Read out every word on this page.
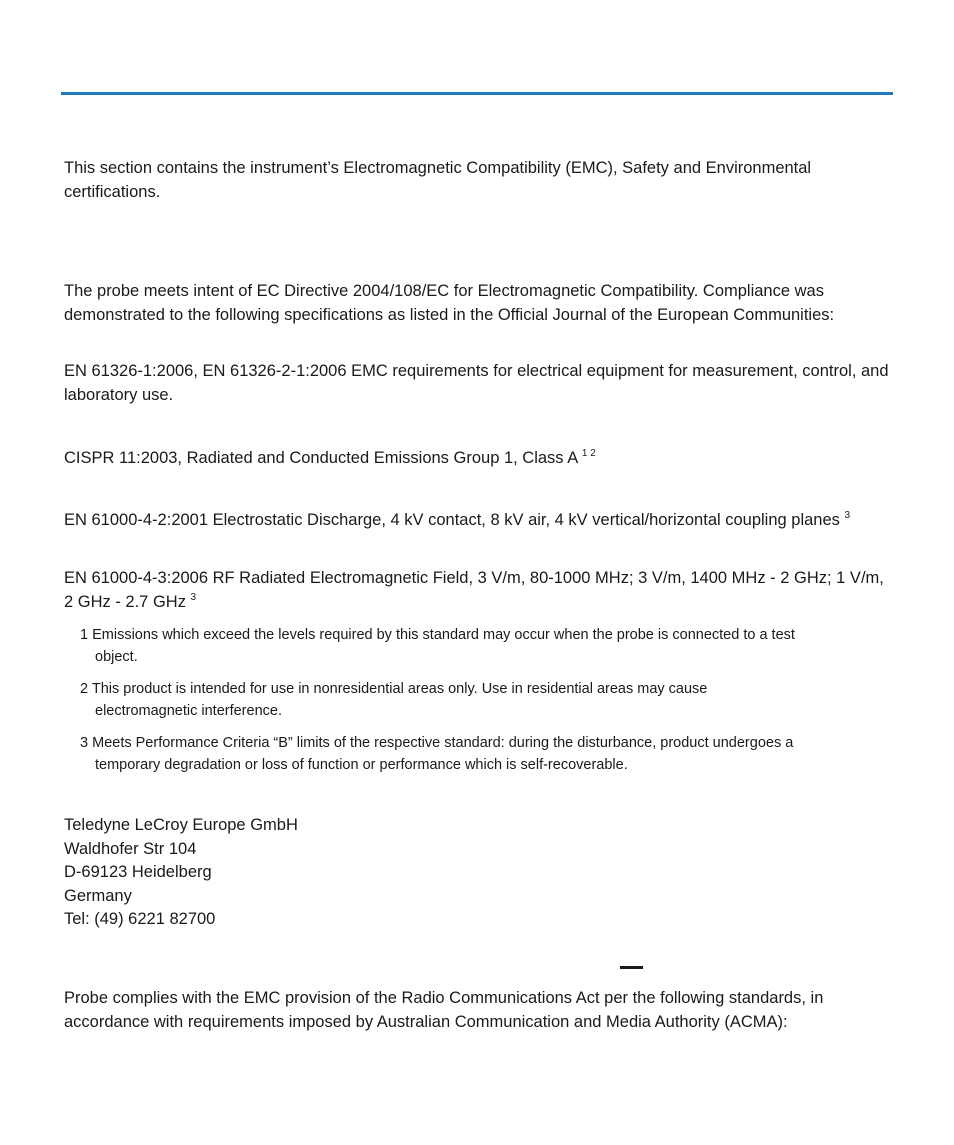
This section contains the instrument’s Electromagnetic Compatibility (EMC), Safety and Environmental certifications.

The probe meets intent of EC Directive 2004/108/EC for Electromagnetic Compatibility. Compliance was demonstrated to the following specifications as listed in the Official Journal of the European Communities:

EN 61326-1:2006, EN 61326-2-1:2006 EMC requirements for electrical equipment for measurement, control, and laboratory use.

CISPR 11:2003, Radiated and Conducted Emissions Group 1, Class A $^{1 2}$

EN 61000-4-2:2001 Electrostatic Discharge, 4 kV contact, 8 kV air, 4 kV vertical/horizontal coupling planes $^3$

EN 61000-4-3:2006 RF Radiated Electromagnetic Field, 3 V/m, 80-1000 MHz; 3 V/m, 1400 MHz - 2 GHz; 1 V/m, 2 GHz - 2.7 GHz $^3$

1 Emissions which exceed the levels required by this standard may occur when the probe is connected to a test
object.

2 This product is intended for use in nonresidential areas only. Use in residential areas may cause
electromagnetic interference.

3 Meets Performance Criteria “B” limits of the respective standard: during the disturbance, product undergoes a
temporary degradation or loss of function or performance which is self-recoverable.

Teledyne LeCroy Europe GmbH
Waldhofer Str 104
D-69123 Heidelberg
Germany
Tel: (49) 6221 82700

Probe complies with the EMC provision of the Radio Communications Act per the following standards, in accordance with requirements imposed by Australian Communication and Media Authority (ACMA):
